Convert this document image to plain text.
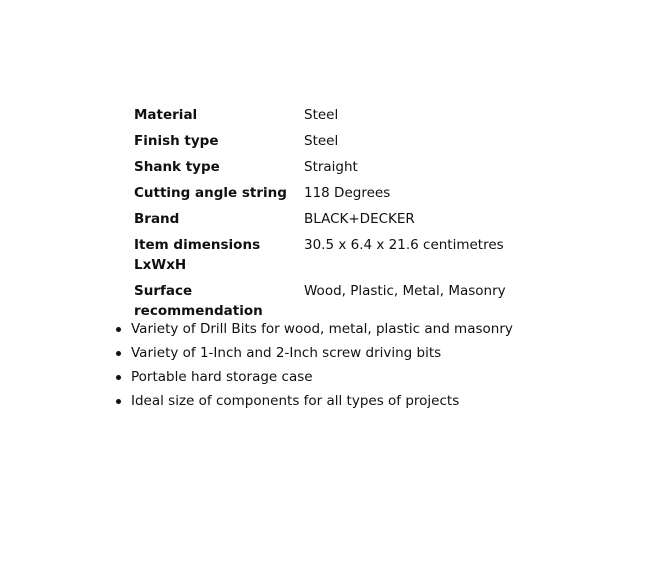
Material	Steel
Finish type	Steel
Shank type	Straight
Cutting angle string	118 Degrees
Brand	BLACK+DECKER
Item dimensions LxWxH	30.5 x 6.4 x 21.6 centimetres
Surface recommendation	Wood, Plastic, Metal, Masonry
Variety of Drill Bits for wood, metal, plastic and masonry
Variety of 1-Inch and 2-Inch screw driving bits
Portable hard storage case
Ideal size of components for all types of projects
